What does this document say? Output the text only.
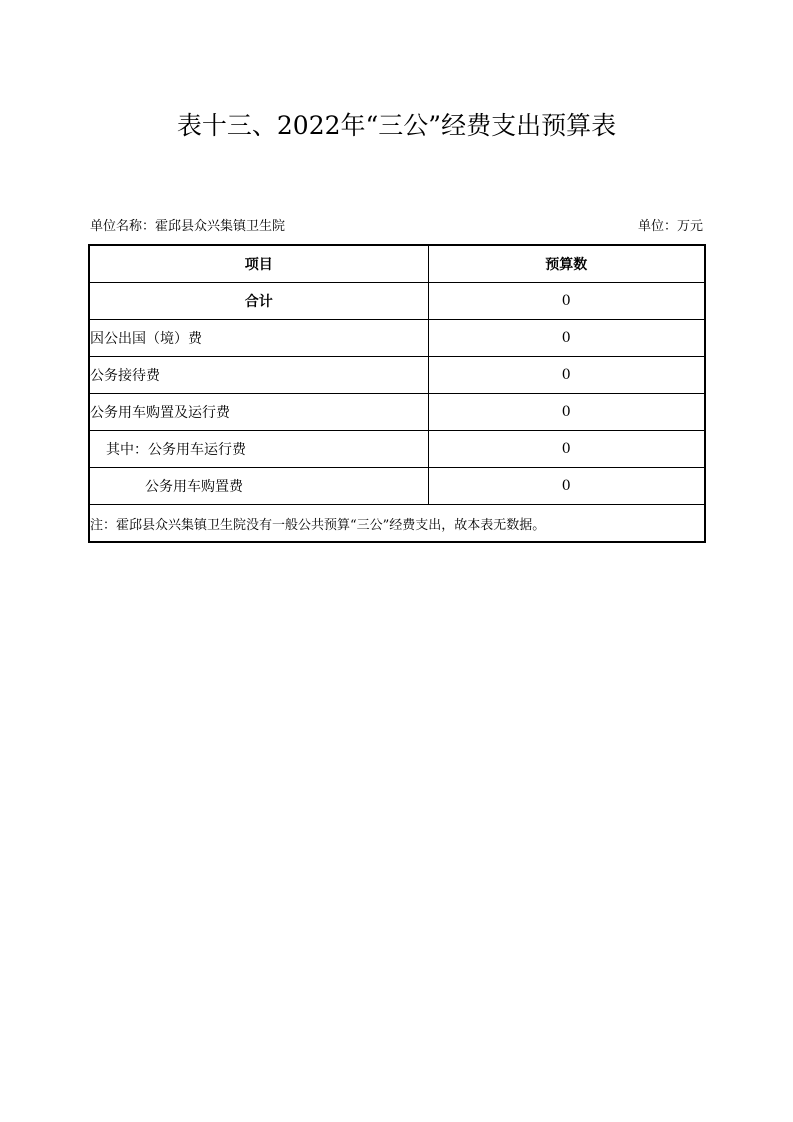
表十三、2022年“三公”经费支出预算表
单位名称：霍邱县众兴集镇卫生院	单位：万元
项目	预算数
合计	0
因公出国（境）费	0
公务接待费	0
公务用车购置及运行费	0
其中：公务用车运行费	0
公务用车购置费	0
注：霍邱县众兴集镇卫生院没有一般公共预算“三公”经费支出，故本表无数据。	
